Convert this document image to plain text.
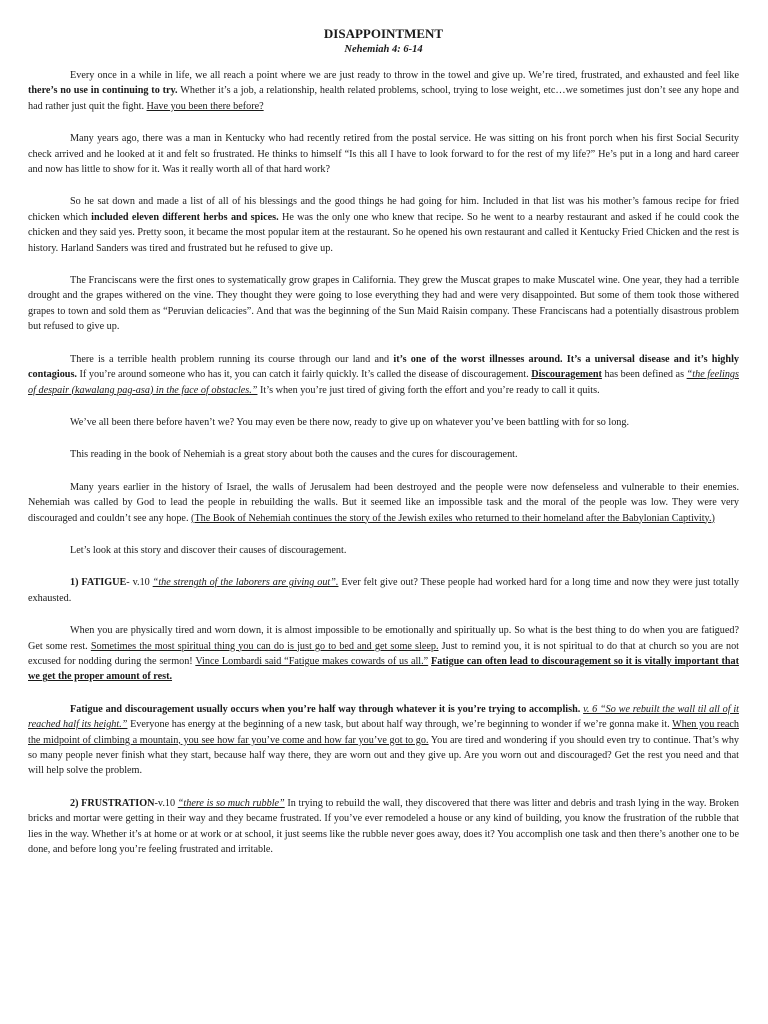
DISAPPOINTMENT
Nehemiah 4: 6-14

Every once in a while in life, we all reach a point where we are just ready to throw in the towel and give up. We’re tired, frustrated, and exhausted and feel like there’s no use in continuing to try. Whether it’s a job, a relationship, health related problems, school, trying to lose weight, etc…we sometimes just don’t see any hope and had rather just quit the fight. Have you been there before?

Many years ago, there was a man in Kentucky who had recently retired from the postal service. He was sitting on his front porch when his first Social Security check arrived and he looked at it and felt so frustrated. He thinks to himself “Is this all I have to look forward to for the rest of my life?” He’s put in a long and hard career and now has little to show for it. Was it really worth all of that hard work?

So he sat down and made a list of all of his blessings and the good things he had going for him. Included in that list was his mother’s famous recipe for fried chicken which included eleven different herbs and spices. He was the only one who knew that recipe. So he went to a nearby restaurant and asked if he could cook the chicken and they said yes. Pretty soon, it became the most popular item at the restaurant. So he opened his own restaurant and called it Kentucky Fried Chicken and the rest is history. Harland Sanders was tired and frustrated but he refused to give up.

The Franciscans were the first ones to systematically grow grapes in California. They grew the Muscat grapes to make Muscatel wine. One year, they had a terrible drought and the grapes withered on the vine. They thought they were going to lose everything they had and were very disappointed. But some of them took those withered grapes to town and sold them as “Peruvian delicacies”. And that was the beginning of the Sun Maid Raisin company. These Franciscans had a potentially disastrous problem but refused to give up.

There is a terrible health problem running its course through our land and it’s one of the worst illnesses around. It’s a universal disease and it’s highly contagious. If you’re around someone who has it, you can catch it fairly quickly. It’s called the disease of discouragement. Discouragement has been defined as “the feelings of despair (kawalang pag-asa) in the face of obstacles.” It’s when you’re just tired of giving forth the effort and you’re ready to call it quits.

We’ve all been there before haven’t we? You may even be there now, ready to give up on whatever you’ve been battling with for so long.

This reading in the book of Nehemiah is a great story about both the causes and the cures for discouragement.

Many years earlier in the history of Israel, the walls of Jerusalem had been destroyed and the people were now defenseless and vulnerable to their enemies. Nehemiah was called by God to lead the people in rebuilding the walls. But it seemed like an impossible task and the moral of the people was low. They were very discouraged and couldn’t see any hope. (The Book of Nehemiah continues the story of the Jewish exiles who returned to their homeland after the Babylonian Captivity.)

Let’s look at this story and discover their causes of discouragement.

1) FATIGUE- v.10 “the strength of the laborers are giving out”. Ever felt give out? These people had worked hard for a long time and now they were just totally exhausted.

When you are physically tired and worn down, it is almost impossible to be emotionally and spiritually up. So what is the best thing to do when you are fatigued? Get some rest. Sometimes the most spiritual thing you can do is just go to bed and get some sleep. Just to remind you, it is not spiritual to do that at church so you are not excused for nodding during the sermon! Vince Lombardi said “Fatigue makes cowards of us all.” Fatigue can often lead to discouragement so it is vitally important that we get the proper amount of rest.

Fatigue and discouragement usually occurs when you’re half way through whatever it is you’re trying to accomplish. v. 6 “So we rebuilt the wall til all of it reached half its height.” Everyone has energy at the beginning of a new task, but about half way through, we’re beginning to wonder if we’re gonna make it. When you reach the midpoint of climbing a mountain, you see how far you’ve come and how far you’ve got to go. You are tired and wondering if you should even try to continue. That’s why so many people never finish what they start, because half way there, they are worn out and they give up. Are you worn out and discouraged? Get the rest you need and that will help solve the problem.

2) FRUSTRATION-v.10 “there is so much rubble” In trying to rebuild the wall, they discovered that there was litter and debris and trash lying in the way. Broken bricks and mortar were getting in their way and they became frustrated. If you’ve ever remodeled a house or any kind of building, you know the frustration of the rubble that lies in the way. Whether it’s at home or at work or at school, it just seems like the rubble never goes away, does it? You accomplish one task and then there’s another one to be done, and before long you’re feeling frustrated and irritable.
